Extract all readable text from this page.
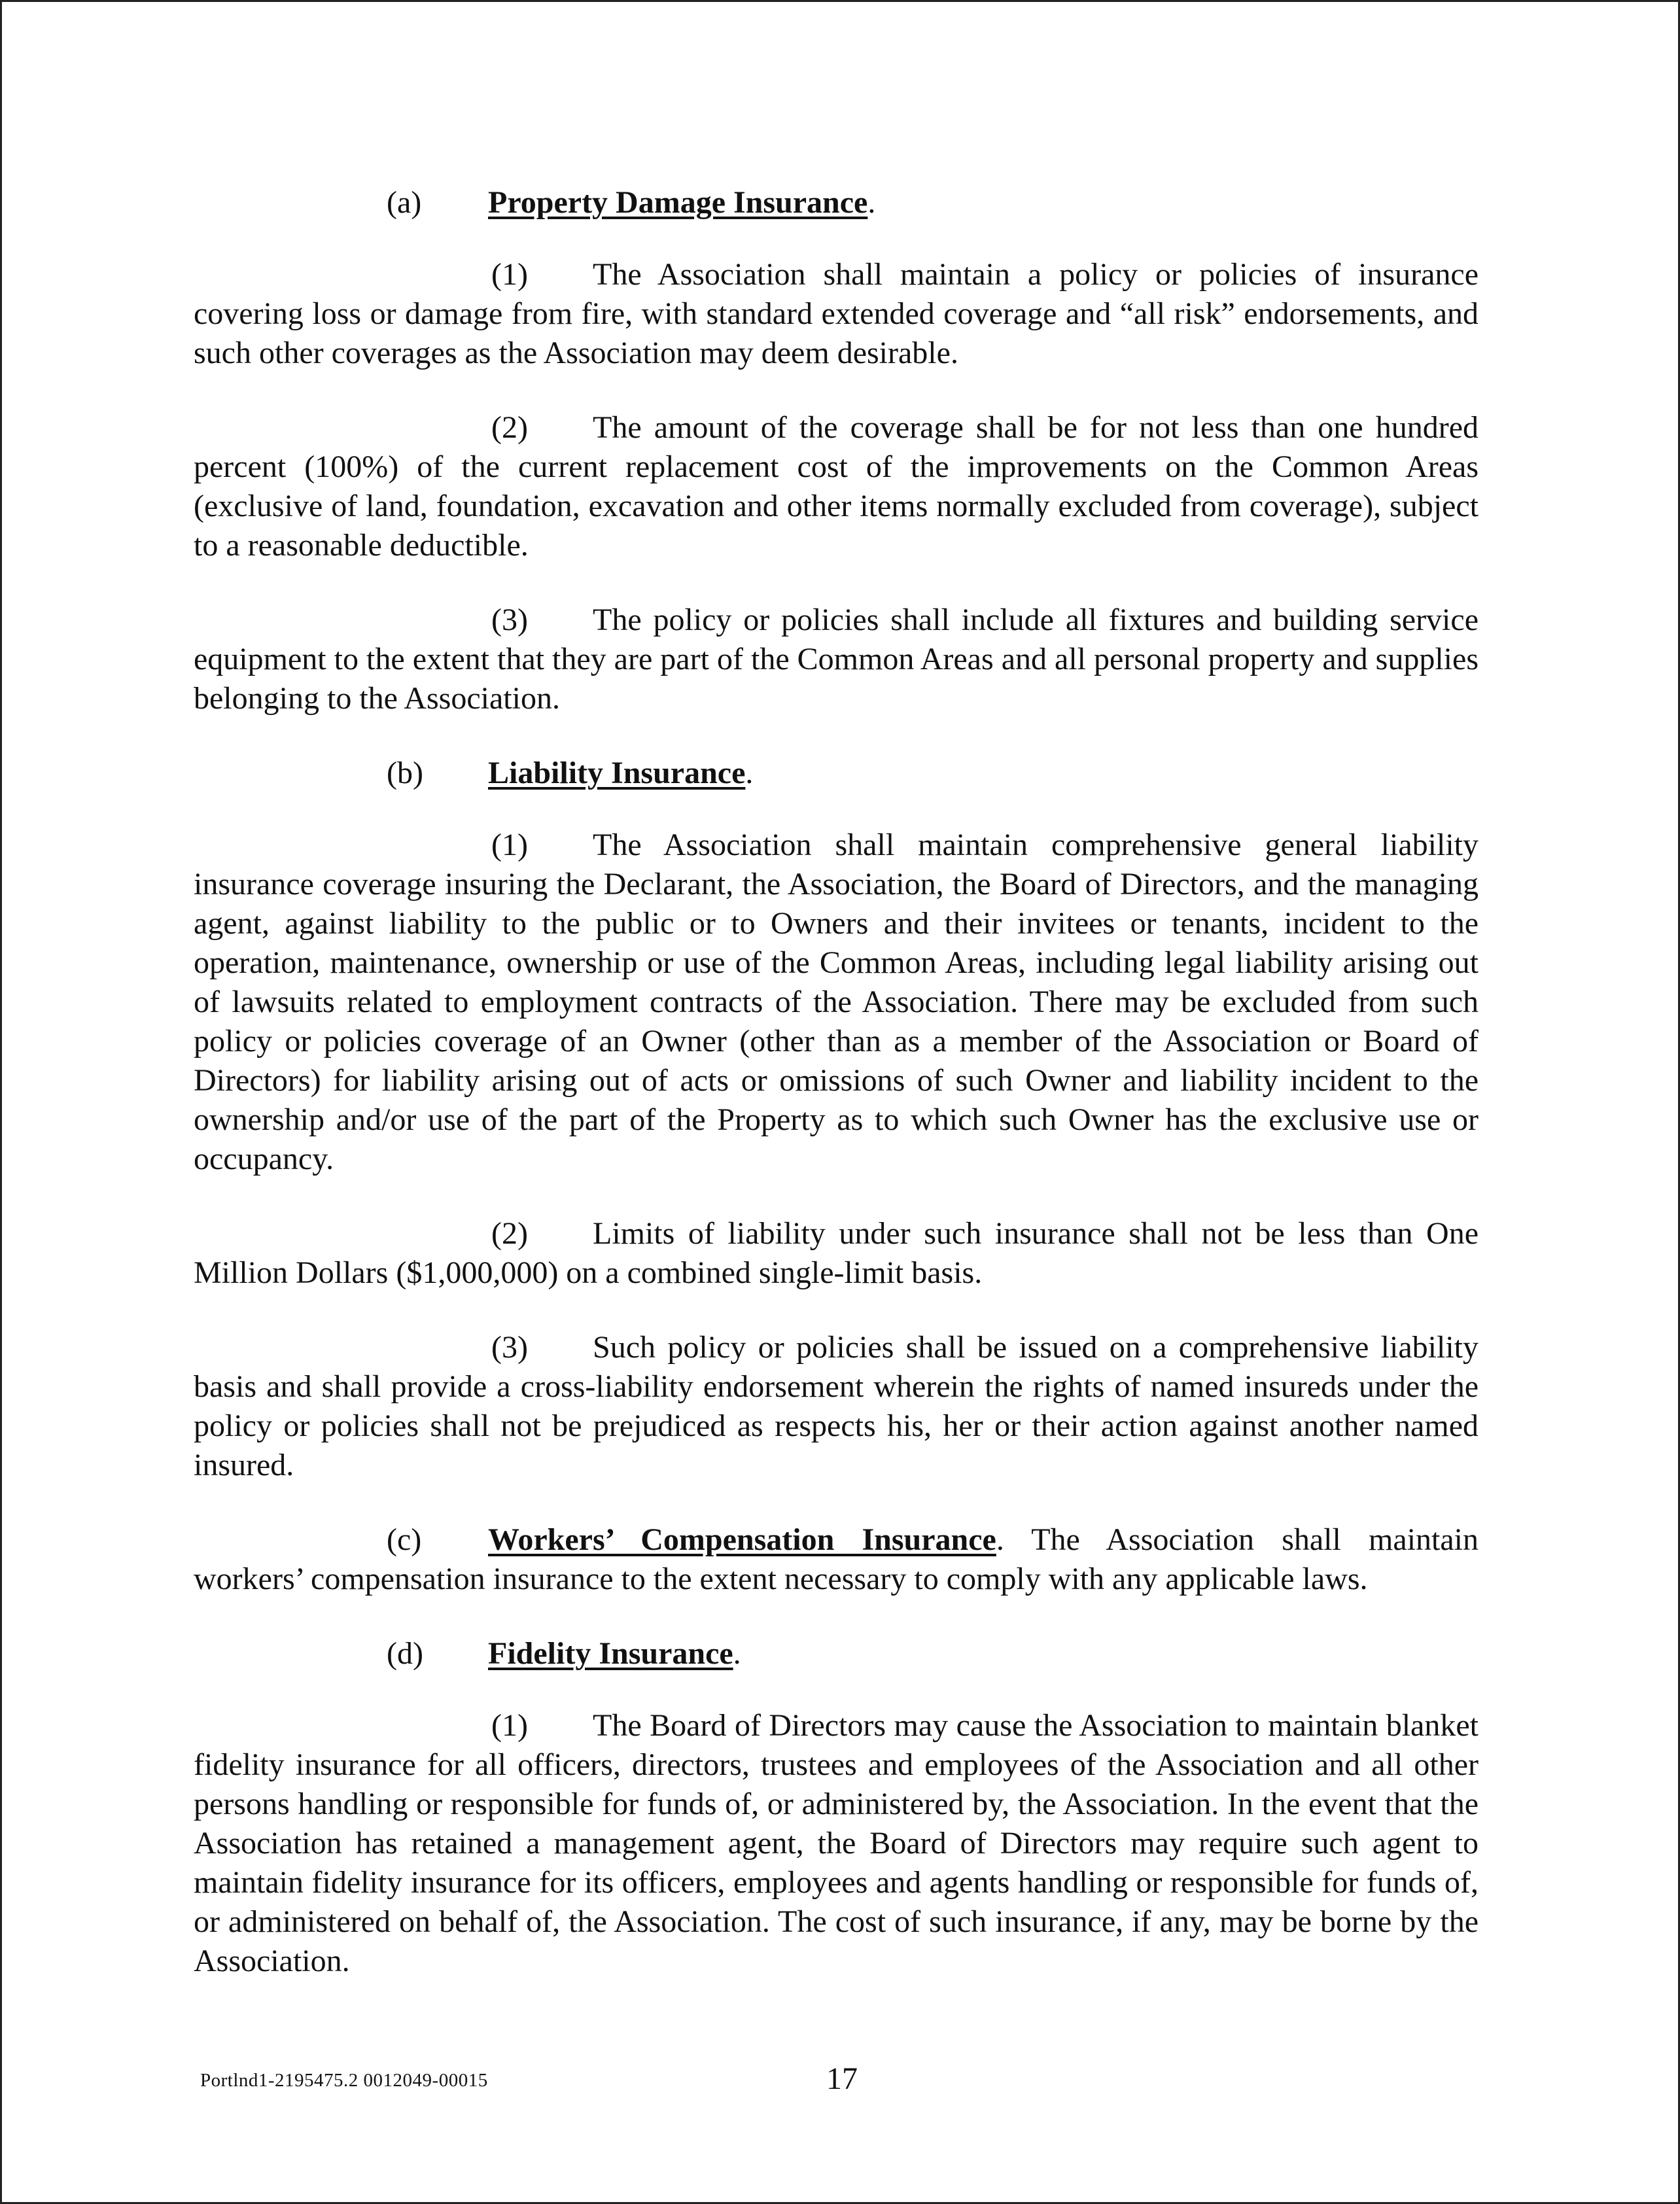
(a) Property Damage Insurance.

(1) The Association shall maintain a policy or policies of insurance covering loss or damage from fire, with standard extended coverage and “all risk” endorsements, and such other coverages as the Association may deem desirable.

(2) The amount of the coverage shall be for not less than one hundred percent (100%) of the current replacement cost of the improvements on the Common Areas (exclusive of land, foundation, excavation and other items normally excluded from coverage), subject to a reasonable deductible.

(3) The policy or policies shall include all fixtures and building service equipment to the extent that they are part of the Common Areas and all personal property and supplies belonging to the Association.

(b) Liability Insurance.

(1) The Association shall maintain comprehensive general liability insurance coverage insuring the Declarant, the Association, the Board of Directors, and the managing agent, against liability to the public or to Owners and their invitees or tenants, incident to the operation, maintenance, ownership or use of the Common Areas, including legal liability arising out of lawsuits related to employment contracts of the Association. There may be excluded from such policy or policies coverage of an Owner (other than as a member of the Association or Board of Directors) for liability arising out of acts or omissions of such Owner and liability incident to the ownership and/or use of the part of the Property as to which such Owner has the exclusive use or occupancy.

(2) Limits of liability under such insurance shall not be less than One Million Dollars ($1,000,000) on a combined single-limit basis.

(3) Such policy or policies shall be issued on a comprehensive liability basis and shall provide a cross-liability endorsement wherein the rights of named insureds under the policy or policies shall not be prejudiced as respects his, her or their action against another named insured.

(c) Workers’ Compensation Insurance. The Association shall maintain workers’ compensation insurance to the extent necessary to comply with any applicable laws.

(d) Fidelity Insurance.

(1) The Board of Directors may cause the Association to maintain blanket fidelity insurance for all officers, directors, trustees and employees of the Association and all other persons handling or responsible for funds of, or administered by, the Association. In the event that the Association has retained a management agent, the Board of Directors may require such agent to maintain fidelity insurance for its officers, employees and agents handling or responsible for funds of, or administered on behalf of, the Association. The cost of such insurance, if any, may be borne by the Association.

Portlnd1-2195475.2 0012049-00015	17
